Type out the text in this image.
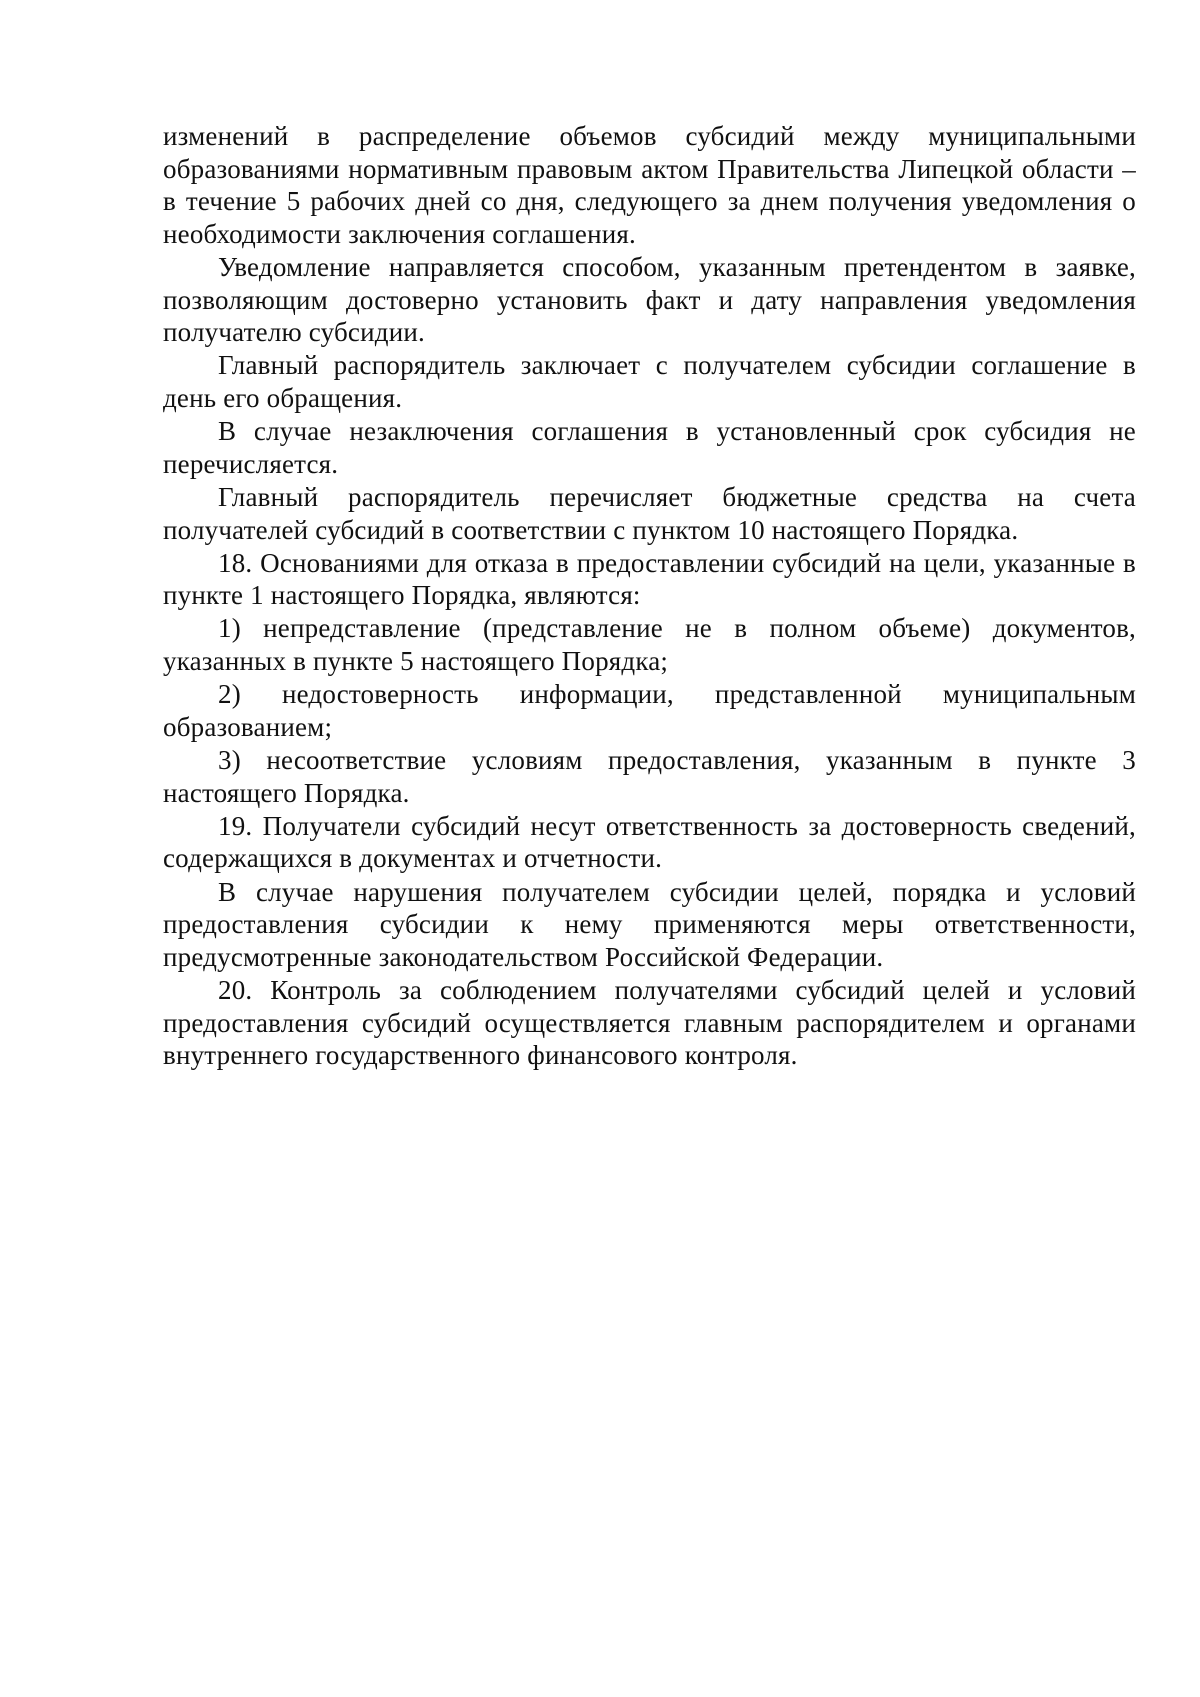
изменений в распределение объемов субсидий между муниципальными образованиями нормативным правовым актом Правительства Липецкой области – в течение 5 рабочих дней со дня, следующего за днем получения уведомления о необходимости заключения соглашения.

Уведомление направляется способом, указанным претендентом в заявке, позволяющим достоверно установить факт и дату направления уведомления получателю субсидии.

Главный распорядитель заключает с получателем субсидии соглашение в день его обращения.

В случае незаключения соглашения в установленный срок субсидия не перечисляется.

Главный распорядитель перечисляет бюджетные средства на счета получателей субсидий в соответствии с пунктом 10 настоящего Порядка.

18. Основаниями для отказа в предоставлении субсидий на цели, указанные в пункте 1 настоящего Порядка, являются:

1) непредставление (представление не в полном объеме) документов, указанных в пункте 5 настоящего Порядка;

2) недостоверность информации, представленной муниципальным образованием;

3) несоответствие условиям предоставления, указанным в пункте 3 настоящего Порядка.

19. Получатели субсидий несут ответственность за достоверность сведений, содержащихся в документах и отчетности.

В случае нарушения получателем субсидии целей, порядка и условий предоставления субсидии к нему применяются меры ответственности, предусмотренные законодательством Российской Федерации.

20. Контроль за соблюдением получателями субсидий целей и условий предоставления субсидий осуществляется главным распорядителем и органами внутреннего государственного финансового контроля.
